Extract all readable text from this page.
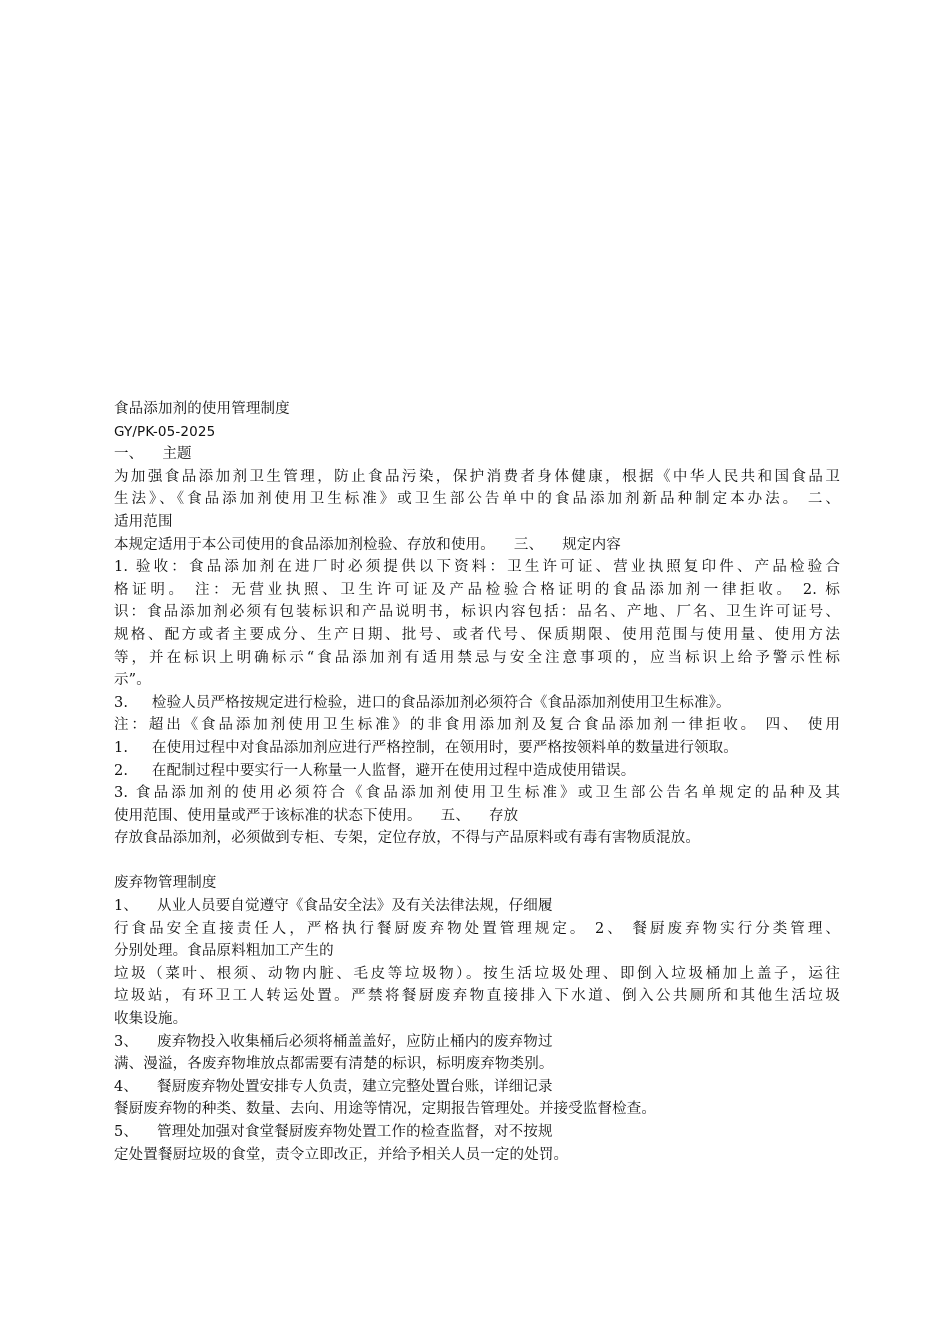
食品添加剂的使用管理制度
GY/PK-05-2025
一、    主题
为加强食品添加剂卫生管理，防止食品污染，保护消费者身体健康，根据《中华人民共和国食品卫
生法》、《食品添加剂使用卫生标准》或卫生部公告单中的食品添加剂新品种制定本办法。 二、
适用范围
本规定适用于本公司使用的食品添加剂检验、存放和使用。    三、    规定内容
1. 验收：食品添加剂在进厂时必须提供以下资料：卫生许可证、营业执照复印件、产品检验合
格证明。 注：无营业执照、卫生许可证及产品检验合格证明的食品添加剂一律拒收。 2. 标
识：食品添加剂必须有包装标识和产品说明书，标识内容包括：品名、产地、厂名、卫生许可证号、
规格、配方或者主要成分、生产日期、批号、或者代号、保质期限、使用范围与使用量、使用方法
等，并在标识上明确标示“食品添加剂有适用禁忌与安全注意事项的，应当标识上给予警示性标
示”。
3.     检验人员严格按规定进行检验，进口的食品添加剂必须符合《食品添加剂使用卫生标准》。
注：超出《食品添加剂使用卫生标准》的非食用添加剂及复合食品添加剂一律拒收。 四、 使用
1.     在使用过程中对食品添加剂应进行严格控制，在领用时，要严格按领料单的数量进行领取。
2.     在配制过程中要实行一人称量一人监督，避开在使用过程中造成使用错误。
3. 食品添加剂的使用必须符合《食品添加剂使用卫生标准》或卫生部公告名单规定的品种及其
使用范围、使用量或严于该标准的状态下使用。    五、    存放
存放食品添加剂，必须做到专柜、专架，定位存放，不得与产品原料或有毒有害物质混放。
废弃物管理制度
1、    从业人员要自觉遵守《食品安全法》及有关法律法规，仔细履
行食品安全直接责任人，严格执行餐厨废弃物处置管理规定。 2、 餐厨废弃物实行分类管理、
分别处理。食品原料粗加工产生的
垃圾（菜叶、根须、动物内脏、毛皮等垃圾物）。按生活垃圾处理、即倒入垃圾桶加上盖子，运往
垃圾站，有环卫工人转运处置。严禁将餐厨废弃物直接排入下水道、倒入公共厕所和其他生活垃圾
收集设施。
3、    废弃物投入收集桶后必须将桶盖盖好，应防止桶内的废弃物过
满、漫溢，各废弃物堆放点都需要有清楚的标识，标明废弃物类别。
4、    餐厨废弃物处置安排专人负责，建立完整处置台账，详细记录
餐厨废弃物的种类、数量、去向、用途等情况，定期报告管理处。并接受监督检查。
5、    管理处加强对食堂餐厨废弃物处置工作的检查监督，对不按规
定处置餐厨垃圾的食堂，责令立即改正，并给予相关人员一定的处罚。
